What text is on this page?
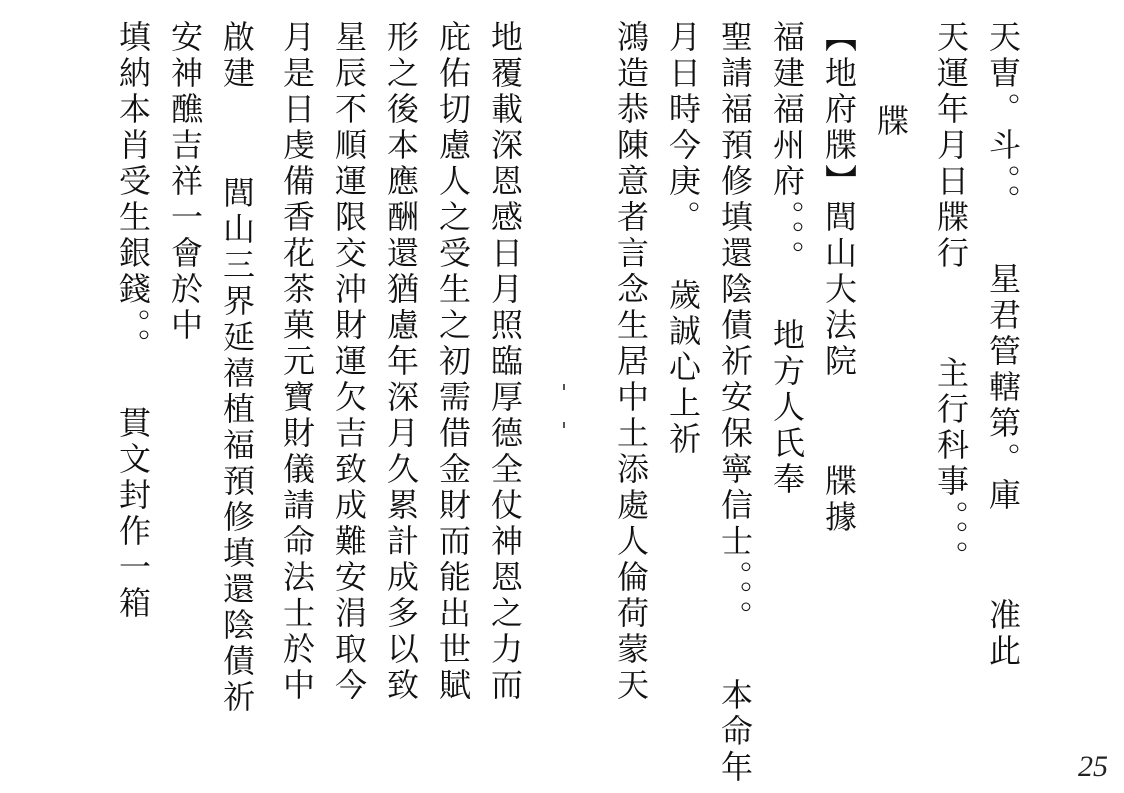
天曺。斗。。 星君管轄第。庫  准此
天運年月日牒行  主行科事。。。
牒
【地府牒】閭山大法院  牒據
福建福州府。。。 地方人氏奉
聖請福預修填還陰債祈安保寧信士。。。 本命年
月日時今庚。 歲誠心上祈
鴻造恭陳意者言念生居中土添處人倫荷蒙天
地覆載深恩感日月照臨厚德全仗神恩之力而
庇佑切慮人之受生之初需借金財而能出世賦
形之後本應酬還猶慮年深月久累計成多以致
星辰不順運限交沖財運欠吉致成難安涓取今
月是日虔備香花茶菓元寶財儀請命法士於中
啟建  閭山三界延禧植福預修填還陰債祈
安神醮吉祥一會於中
填納本肖受生銀錢。。 貫文封作一箱
25
